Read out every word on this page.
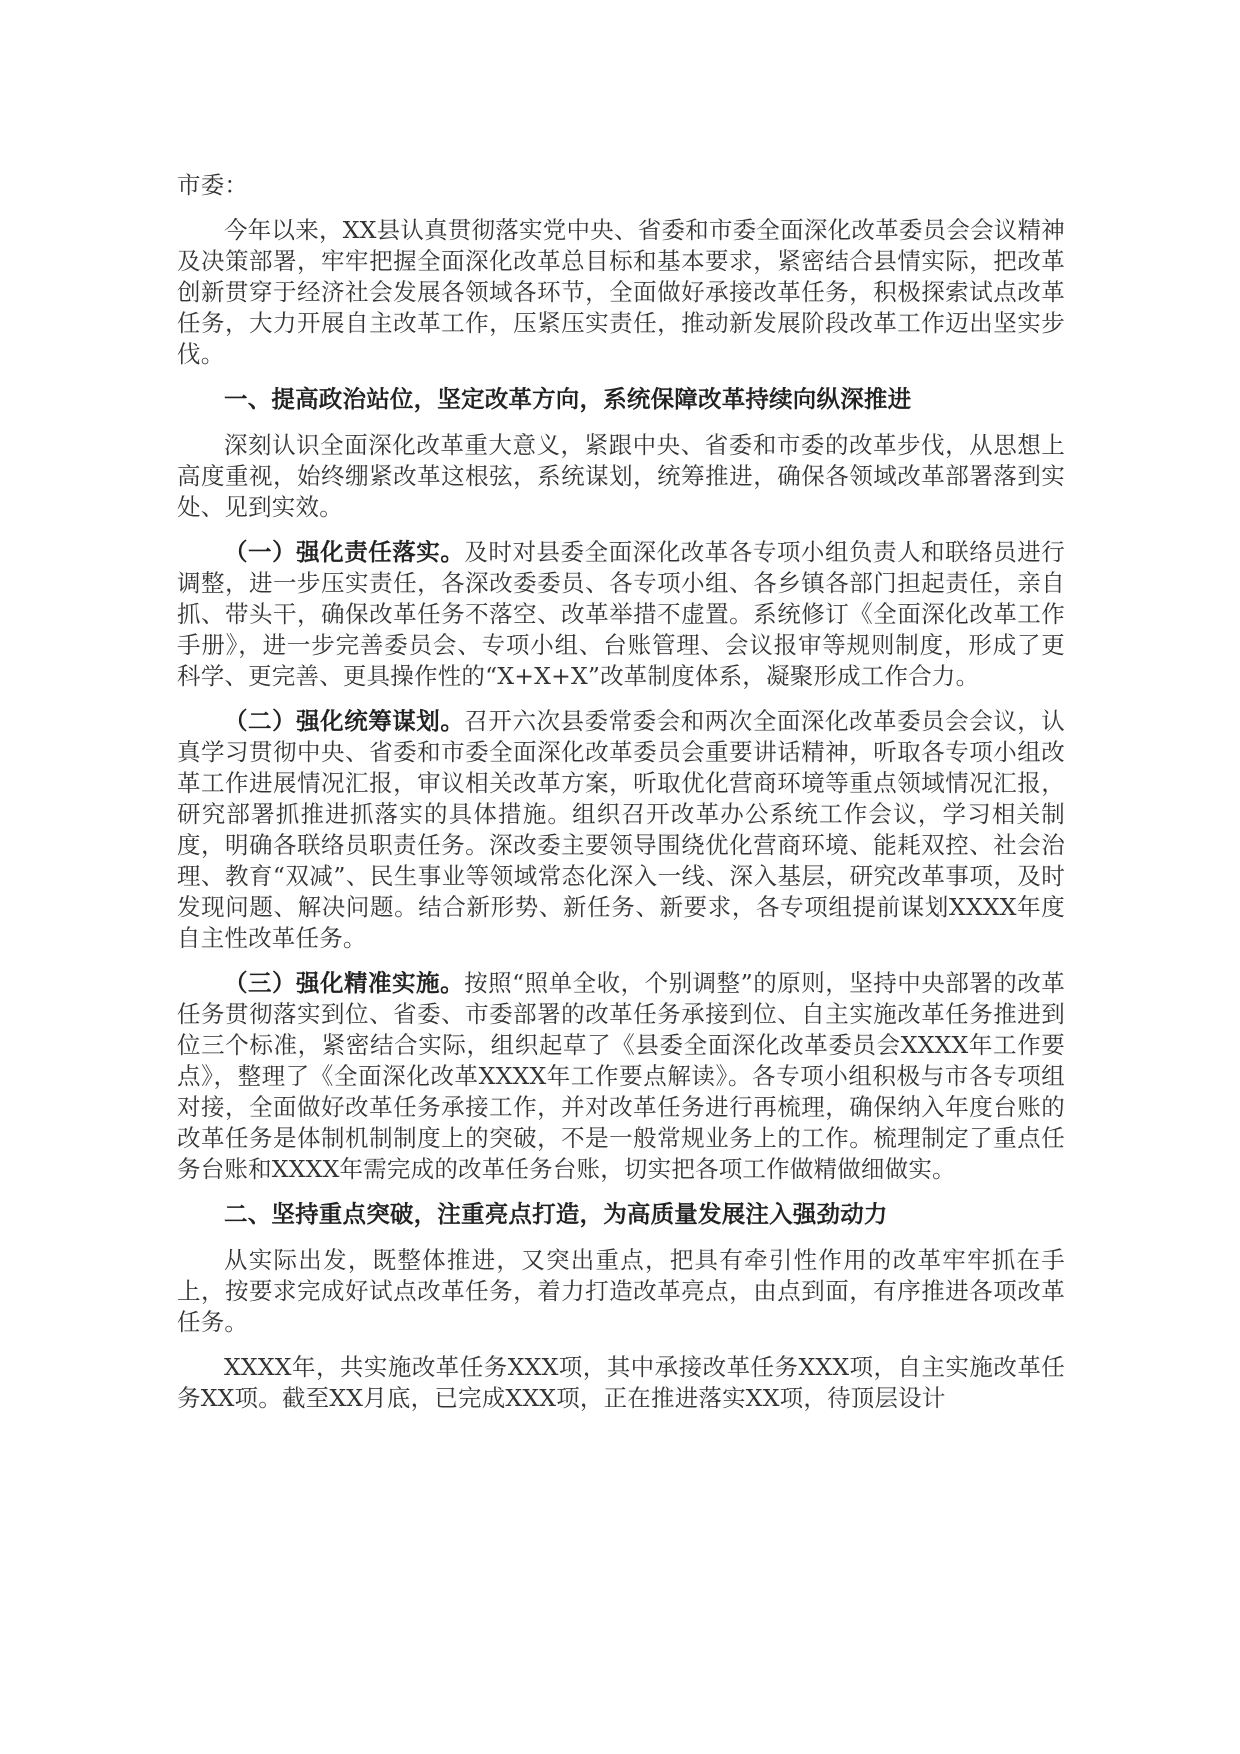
市委：

今年以来，XX县认真贯彻落实党中央、省委和市委全面深化改革委员会会议精神及决策部署，牢牢把握全面深化改革总目标和基本要求，紧密结合县情实际，把改革创新贯穿于经济社会发展各领域各环节，全面做好承接改革任务，积极探索试点改革任务，大力开展自主改革工作，压紧压实责任，推动新发展阶段改革工作迈出坚实步伐。

一、提高政治站位，坚定改革方向，系统保障改革持续向纵深推进

深刻认识全面深化改革重大意义，紧跟中央、省委和市委的改革步伐，从思想上高度重视，始终绷紧改革这根弦，系统谋划，统筹推进，确保各领域改革部署落到实处、见到实效。

（一）强化责任落实。及时对县委全面深化改革各专项小组负责人和联络员进行调整，进一步压实责任，各深改委委员、各专项小组、各乡镇各部门担起责任，亲自抓、带头干，确保改革任务不落空、改革举措不虚置。系统修订《全面深化改革工作手册》，进一步完善委员会、专项小组、台账管理、会议报审等规则制度，形成了更科学、更完善、更具操作性的“X+X+X”改革制度体系，凝聚形成工作合力。

（二）强化统筹谋划。召开六次县委常委会和两次全面深化改革委员会会议，认真学习贯彻中央、省委和市委全面深化改革委员会重要讲话精神，听取各专项小组改革工作进展情况汇报，审议相关改革方案，听取优化营商环境等重点领域情况汇报，研究部署抓推进抓落实的具体措施。组织召开改革办公系统工作会议，学习相关制度，明确各联络员职责任务。深改委主要领导围绕优化营商环境、能耗双控、社会治理、教育“双减”、民生事业等领域常态化深入一线、深入基层，研究改革事项，及时发现问题、解决问题。结合新形势、新任务、新要求，各专项组提前谋划XXXX年度自主性改革任务。

（三）强化精准实施。按照“照单全收，个别调整”的原则，坚持中央部署的改革任务贯彻落实到位、省委、市委部署的改革任务承接到位、自主实施改革任务推进到位三个标准，紧密结合实际，组织起草了《县委全面深化改革委员会XXXX年工作要点》，整理了《全面深化改革XXXX年工作要点解读》。各专项小组积极与市各专项组对接，全面做好改革任务承接工作，并对改革任务进行再梳理，确保纳入年度台账的改革任务是体制机制制度上的突破，不是一般常规业务上的工作。梳理制定了重点任务台账和XXXX年需完成的改革任务台账，切实把各项工作做精做细做实。

二、坚持重点突破，注重亮点打造，为高质量发展注入强劲动力

从实际出发，既整体推进，又突出重点，把具有牵引性作用的改革牢牢抓在手上，按要求完成好试点改革任务，着力打造改革亮点，由点到面，有序推进各项改革任务。

XXXX年，共实施改革任务XXX项，其中承接改革任务XXX项，自主实施改革任务XX项。截至XX月底，已完成XXX项，正在推进落实XX项，待顶层设计
